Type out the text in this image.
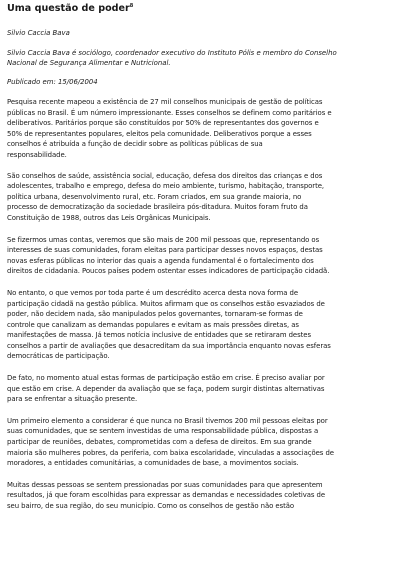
Uma questão de poder$^8$

Silvio Caccia Bava

Silvio Caccia Bava é sociólogo, coordenador executivo do Instituto Pólis e membro do Conselho
Nacional de Segurança Alimentar e Nutricional.

Publicado em: 15/06/2004

Pesquisa recente mapeou a existência de 27 mil conselhos municipais de gestão de políticas
públicas no Brasil. É um número impressionante. Esses conselhos se definem como paritários e
deliberativos. Paritários porque são constituídos por 50% de representantes dos governos e
50% de representantes populares, eleitos pela comunidade. Deliberativos porque a esses
conselhos é atribuída a função de decidir sobre as políticas públicas de sua
responsabilidade.

São conselhos de saúde, assistência social, educação, defesa dos direitos das crianças e dos
adolescentes, trabalho e emprego, defesa do meio ambiente, turismo, habitação, transporte,
política urbana, desenvolvimento rural, etc. Foram criados, em sua grande maioria, no
processo de democratização da sociedade brasileira pós-ditadura. Muitos foram fruto da
Constituição de 1988, outros das Leis Orgânicas Municipais.

Se fizermos umas contas, veremos que são mais de 200 mil pessoas que, representando os
interesses de suas comunidades, foram eleitas para participar desses novos espaços, destas
novas esferas públicas no interior das quais a agenda fundamental é o fortalecimento dos
direitos de cidadania. Poucos países podem ostentar esses indicadores de participação cidadã.

No entanto, o que vemos por toda parte é um descrédito acerca desta nova forma de
participação cidadã na gestão pública. Muitos afirmam que os conselhos estão esvaziados de
poder, não decidem nada, são manipulados pelos governantes, tornaram-se formas de
controle que canalizam as demandas populares e evitam as mais pressões diretas, as
manifestações de massa. Já temos notícia inclusive de entidades que se retiraram destes
conselhos a partir de avaliações que desacreditam da sua importância enquanto novas esferas
democráticas de participação.

De fato, no momento atual estas formas de participação estão em crise. É preciso avaliar por
que estão em crise. A depender da avaliação que se faça, podem surgir distintas alternativas
para se enfrentar a situação presente.

Um primeiro elemento a considerar é que nunca no Brasil tivemos 200 mil pessoas eleitas por
suas comunidades, que se sentem investidas de uma responsabilidade pública, dispostas a
participar de reuniões, debates, comprometidas com a defesa de direitos. Em sua grande
maioria são mulheres pobres, da periferia, com baixa escolaridade, vinculadas a associações de
moradores, a entidades comunitárias, a comunidades de base, a movimentos sociais.

Muitas dessas pessoas se sentem pressionadas por suas comunidades para que apresentem
resultados, já que foram escolhidas para expressar as demandas e necessidades coletivas de
seu bairro, de sua região, do seu município. Como os conselhos de gestão não estão
